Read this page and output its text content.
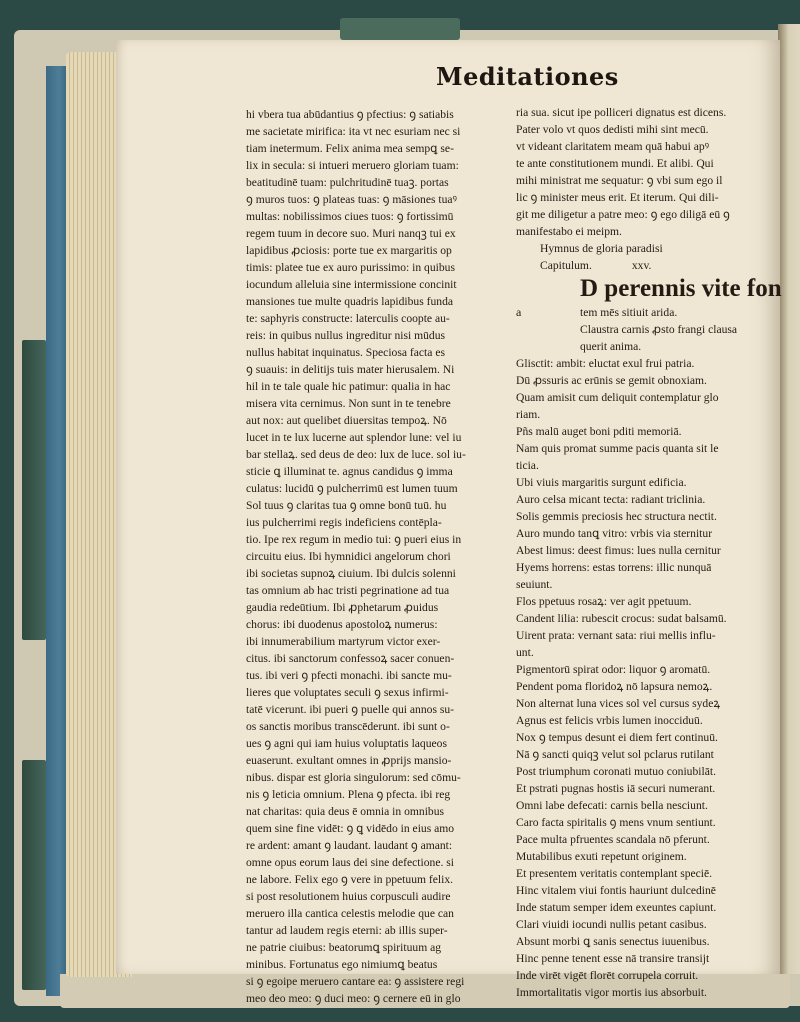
Meditationes
hi vbera tua abūdantius ꝯ pfectius: ꝯ satiabis
me sacietate mirifica: ita vt nec esuriam nec si
tiam inetermum. Felix anima mea sempꝗ se-
lix in secula: si intueri meruero gloriam tuam:
beatitudinē tuam: pulchritudinē tuaꝫ. portas
ꝯ muros tuos: ꝯ plateas tuas: ꝯ māsiones tuaꝰ
multas: nobilissimos ciues tuos: ꝯ fortissimū
regem tuum in decore suo. Muri nanqꝫ tui ex
lapidibus ꝓciosis: porte tue ex margaritis op
timis: platee tue ex auro purissimo: in quibus
iocundum alleluia sine intermissione concinit
mansiones tue multe quadris lapidibus funda
te: saphyris constructe: laterculis coopte au-
reis: in quibus nullus ingreditur nisi mūdus
nullus habitat inquinatus. Speciosa facta es
ꝯ suauis: in delitijs tuis mater hierusalem. Ni
hil in te tale quale hic patimur: qualia in hac
misera vita cernimus. Non sunt in te tenebre
aut nox: aut quelibet diuersitas tempoꝝ. Nō
lucet in te lux lucerne aut splendor lune: vel iu
bar stellaꝝ. sed deus de deo: lux de luce. sol iu-
sticie ꝗ illuminat te. agnus candidus ꝯ imma
culatus: lucidū ꝯ pulcherrimū est lumen tuum
Sol tuus ꝯ claritas tua ꝯ omne bonū tuū. hu
ius pulcherrimi regis indeficiens contēpla-
tio. Ipe rex regum in medio tui: ꝯ pueri eius in
circuitu eius. Ibi hymnidici angelorum chori
ibi societas supnoꝝ ciuium. Ibi dulcis solenni
tas omnium ab hac tristi pegrinatione ad tua
gaudia redeūtium. Ibi ꝓphetarum ꝓuidus
chorus: ibi duodenus apostoloꝝ numerus:
ibi innumerabilium martyrum victor exer-
citus. ibi sanctorum confessoꝝ sacer conuen-
tus. ibi veri ꝯ pfecti monachi. ibi sancte mu-
lieres que voluptates seculi ꝯ sexus infirmi-
tatē vicerunt. ibi pueri ꝯ puelle qui annos su-
os sanctis moribus transcēderunt. ibi sunt o-
ues ꝯ agni qui iam huius voluptatis laqueos
euaserunt. exultant omnes in ꝓprijs mansio-
nibus. dispar est gloria singulorum: sed cōmu-
nis ꝯ leticia omnium. Plena ꝯ pfecta. ibi reg
nat charitas: quia deus ē omnia in omnibus
quem sine fine vidēt: ꝯ ꝗ vidēdo in eius amo
re ardent: amant ꝯ laudant. laudant ꝯ amant:
omne opus eorum laus dei sine defectione. si
ne labore. Felix ego ꝯ vere in ppetuum felix.
si post resolutionem huius corpusculi audire
meruero illa cantica celestis melodie que can
tantur ad laudem regis eterni: ab illis super-
ne patrie ciuibus: beatorumꝗ spirituum ag
minibus. Fortunatus ego nimiumꝗ beatus
si ꝯ egoipe meruero cantare ea: ꝯ assistere regi
meo deo meo: ꝯ duci meo: ꝯ cernere eū in glo
ria sua. sicut ipe polliceri dignatus est dicens.
Pater volo vt quos dedisti mihi sint mecū.
vt videant claritatem meam quā habui apꝰ
te ante constitutionem mundi. Et alibi. Qui
mihi ministrat me sequatur: ꝯ vbi sum ego il
lic ꝯ minister meus erit. Et iterum. Qui dili-
git me diligetur a patre meo: ꝯ ego diligā eū ꝯ
manifestabo ei meipm.
Hymnus de gloria paradisi
Capitulum.	xxv.
D perennis vite fon
a	tem mēs sitiuit arida.
Claustra carnis ꝓsto frangi clausa
querit anima.
Glisctit: ambit: eluctat exul frui patria.
Dū ꝓssuris ac erūnis se gemit obnoxiam.
Quam amisit cum deliquit contemplatur glo
riam.
Pñs malū auget boni pditi memoriā.
Nam quis promat summe pacis quanta sit le
ticia.
Ubi viuis margaritis surgunt edificia.
Auro celsa micant tecta: radiant triclinia.
Solis gemmis preciosis hec structura nectit.
Auro mundo tanꝗ vitro: vrbis via sternitur
Abest limus: deest fimus: lues nulla cernitur
Hyems horrens: estas torrens: illic nunquā
seuiunt.
Flos ppetuus rosaꝝ: ver agit ppetuum.
Candent lilia: rubescit crocus: sudat balsamū.
Uirent prata: vernant sata: riui mellis influ-
unt.
Pigmentorū spirat odor: liquor ꝯ aromatū.
Pendent poma floridoꝝ nō lapsura nemoꝝ.
Non alternat luna vices sol vel cursus sydeꝝ
Agnus est felicis vrbis lumen inocciduū.
Nox ꝯ tempus desunt ei diem fert continuū.
Nā ꝯ sancti quiqꝫ velut sol pclarus rutilant
Post triumphum coronati mutuo coniubilāt.
Et pstrati pugnas hostis iā securi numerant.
Omni labe defecati: carnis bella nesciunt.
Caro facta spiritalis ꝯ mens vnum sentiunt.
Pace multa pfruentes scandala nō pferunt.
Mutabilibus exuti repetunt originem.
Et presentem veritatis contemplant speciē.
Hinc vitalem viui fontis hauriunt dulcedinē
Inde statum semper idem exeuntes capiunt.
Clari viuidi iocundi nullis petant casibus.
Absunt morbi ꝗ sanis senectus iuuenibus.
Hinc penne tenent esse nā transire transijt
Inde virēt vigēt florēt corrupela corruit.
Immortalitatis vigor mortis ius absorbuit.
